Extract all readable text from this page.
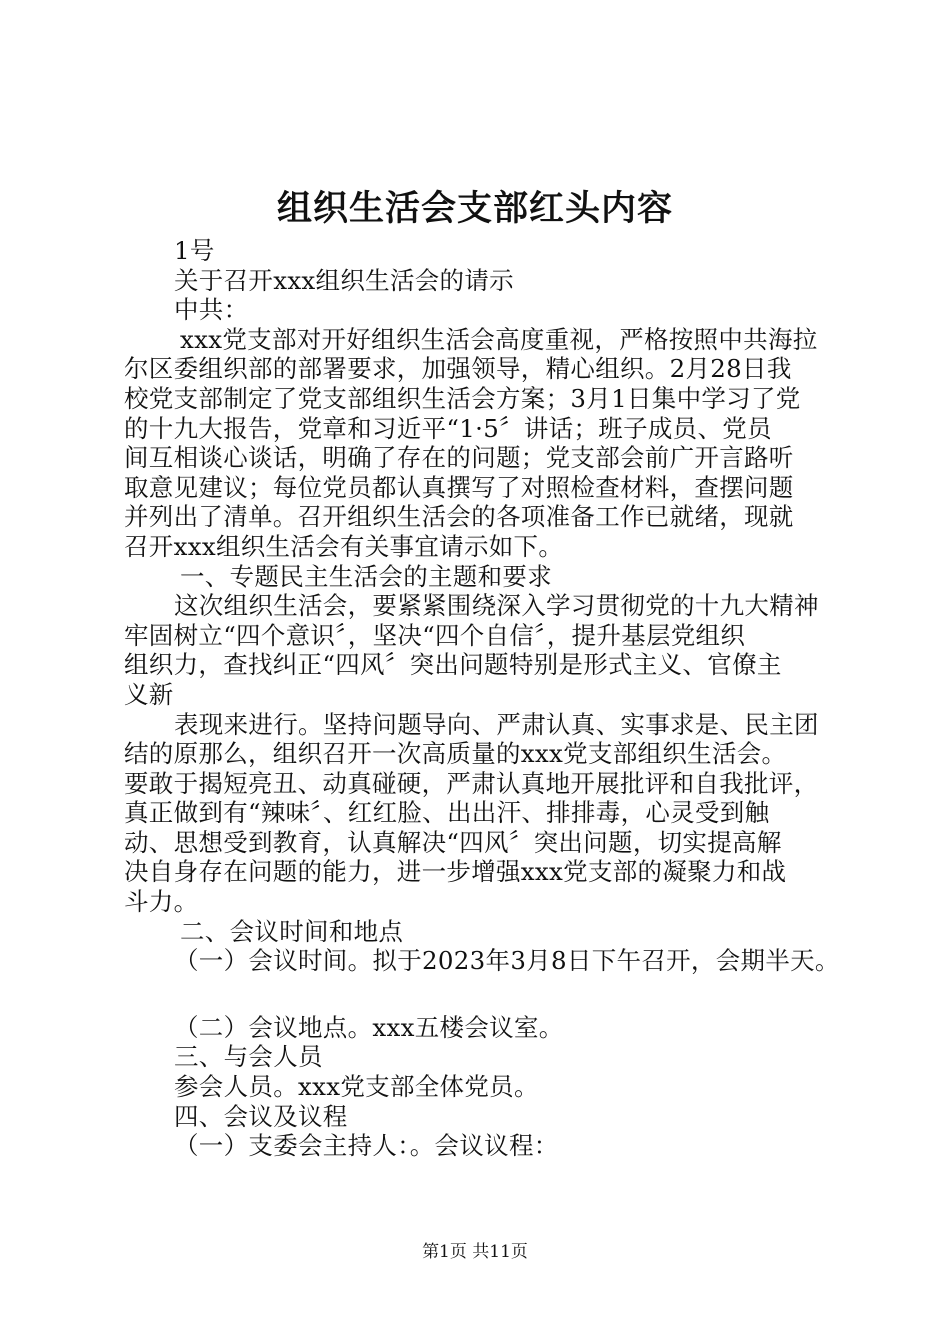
组织生活会支部红头内容
1号
关于召开xxx组织生活会的请示
中共：
xxx党支部对开好组织生活会高度重视，严格按照中共海拉
尔区委组织部的部署要求，加强领导，精心组织。2月28日我
校党支部制定了党支部组织生活会方案；3月1日集中学习了党
的十九大报告，党章和习近平“1·5〞讲话；班子成员、党员
间互相谈心谈话，明确了存在的问题；党支部会前广开言路听
取意见建议；每位党员都认真撰写了对照检查材料，查摆问题
并列出了清单。召开组织生活会的各项准备工作已就绪，现就
召开xxx组织生活会有关事宜请示如下。
一、专题民主生活会的主题和要求
这次组织生活会，要紧紧围绕深入学习贯彻党的十九大精神
牢固树立“四个意识〞，坚决“四个自信〞，提升基层党组织
组织力，查找纠正“四风〞突出问题特别是形式主义、官僚主
义新
表现来进行。坚持问题导向、严肃认真、实事求是、民主团
结的原那么，组织召开一次高质量的xxx党支部组织生活会。
要敢于揭短亮丑、动真碰硬，严肃认真地开展批评和自我批评，
真正做到有“辣味〞、红红脸、出出汗、排排毒，心灵受到触
动、思想受到教育，认真解决“四风〞突出问题，切实提高解
决自身存在问题的能力，进一步增强xxx党支部的凝聚力和战
斗力。
二、会议时间和地点
（一）会议时间。拟于2023年3月8日下午召开，会期半天。
（二）会议地点。xxx五楼会议室。
三、与会人员
参会人员。xxx党支部全体党员。
四、会议及议程
（一）支委会主持人：。会议议程：
第1页 共11页
